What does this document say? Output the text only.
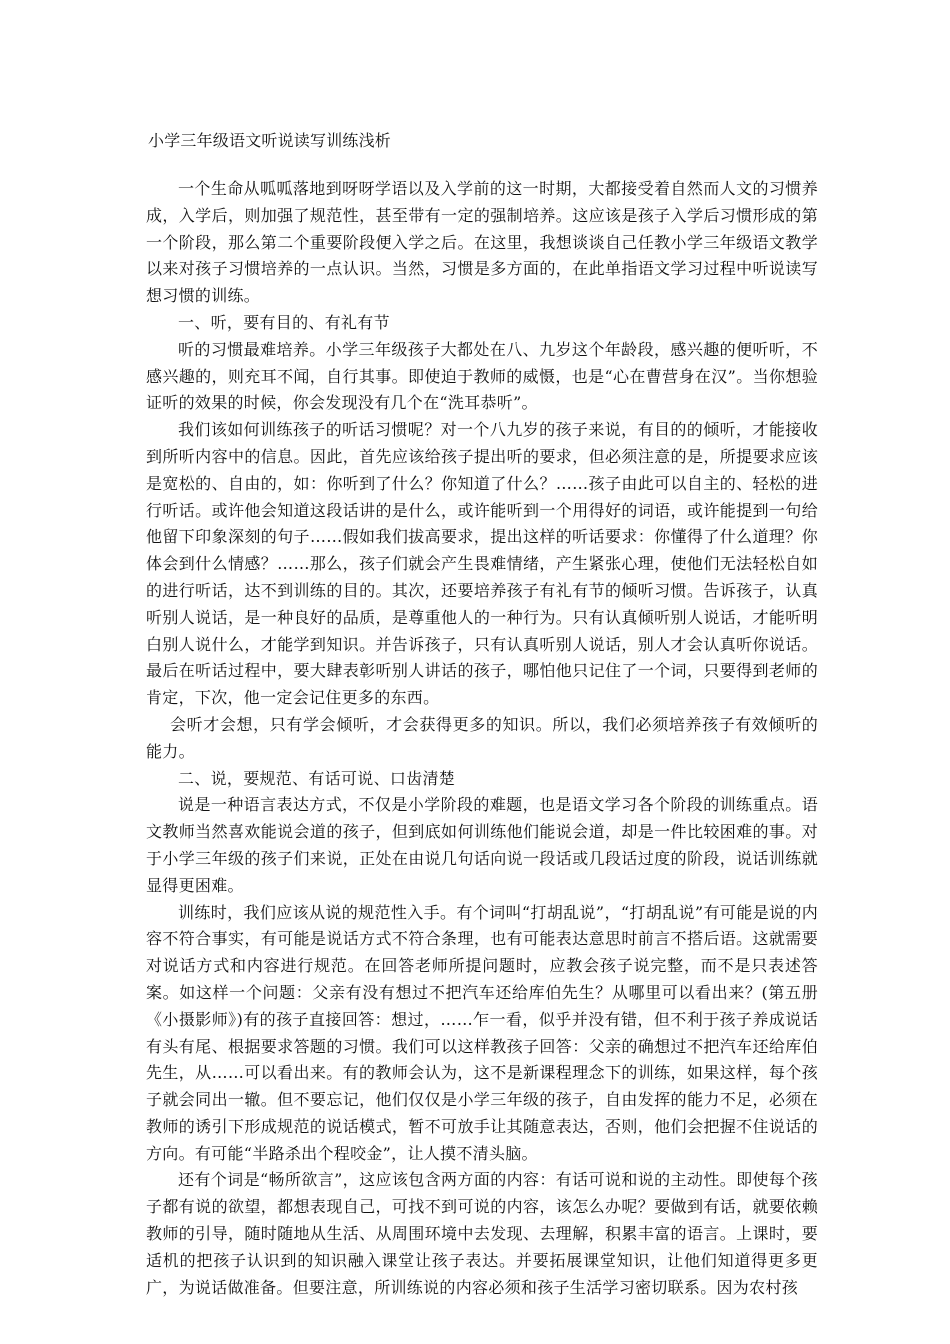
小学三年级语文听说读写训练浅析

一个生命从呱呱落地到呀呀学语以及入学前的这一时期，大都接受着自然而人文的习惯养成，入学后，则加强了规范性，甚至带有一定的强制培养。这应该是孩子入学后习惯形成的第一个阶段，那么第二个重要阶段便入学之后。在这里，我想谈谈自己任教小学三年级语文教学以来对孩子习惯培养的一点认识。当然，习惯是多方面的，在此单指语文学习过程中听说读写想习惯的训练。

一、听，要有目的、有礼有节

听的习惯最难培养。小学三年级孩子大都处在八、九岁这个年龄段，感兴趣的便听听，不感兴趣的，则充耳不闻，自行其事。即使迫于教师的威慑，也是“心在曹营身在汉”。当你想验证听的效果的时候，你会发现没有几个在“洗耳恭听”。

我们该如何训练孩子的听话习惯呢？对一个八九岁的孩子来说，有目的的倾听，才能接收到所听内容中的信息。因此，首先应该给孩子提出听的要求，但必须注意的是，所提要求应该是宽松的、自由的，如：你听到了什么？你知道了什么？……孩子由此可以自主的、轻松的进行听话。或许他会知道这段话讲的是什么，或许能听到一个用得好的词语，或许能提到一句给他留下印象深刻的句子……假如我们拔高要求，提出这样的听话要求：你懂得了什么道理？你体会到什么情感？……那么，孩子们就会产生畏难情绪，产生紧张心理，使他们无法轻松自如的进行听话，达不到训练的目的。其次，还要培养孩子有礼有节的倾听习惯。告诉孩子，认真听别人说话，是一种良好的品质，是尊重他人的一种行为。只有认真倾听别人说话，才能听明白别人说什么，才能学到知识。并告诉孩子，只有认真听别人说话，别人才会认真听你说话。最后在听话过程中，要大肆表彰听别人讲话的孩子，哪怕他只记住了一个词，只要得到老师的肯定，下次，他一定会记住更多的东西。

会听才会想，只有学会倾听，才会获得更多的知识。所以，我们必须培养孩子有效倾听的能力。

二、说，要规范、有话可说、口齿清楚

说是一种语言表达方式，不仅是小学阶段的难题，也是语文学习各个阶段的训练重点。语文教师当然喜欢能说会道的孩子，但到底如何训练他们能说会道，却是一件比较困难的事。对于小学三年级的孩子们来说，正处在由说几句话向说一段话或几段话过度的阶段，说话训练就显得更困难。

训练时，我们应该从说的规范性入手。有个词叫“打胡乱说”，“打胡乱说”有可能是说的内容不符合事实，有可能是说话方式不符合条理，也有可能表达意思时前言不搭后语。这就需要对说话方式和内容进行规范。在回答老师所提问题时，应教会孩子说完整，而不是只表述答案。如这样一个问题：父亲有没有想过不把汽车还给库伯先生？从哪里可以看出来？(第五册《小摄影师》)有的孩子直接回答：想过，……乍一看，似乎并没有错，但不利于孩子养成说话有头有尾、根据要求答题的习惯。我们可以这样教孩子回答：父亲的确想过不把汽车还给库伯先生，从……可以看出来。有的教师会认为，这不是新课程理念下的训练，如果这样，每个孩子就会同出一辙。但不要忘记，他们仅仅是小学三年级的孩子，自由发挥的能力不足，必须在教师的诱引下形成规范的说话模式，暂不可放手让其随意表达，否则，他们会把握不住说话的方向。有可能“半路杀出个程咬金”，让人摸不清头脑。

还有个词是“畅所欲言”，这应该包含两方面的内容：有话可说和说的主动性。即使每个孩子都有说的欲望，都想表现自己，可找不到可说的内容，该怎么办呢？要做到有话，就要依赖教师的引导，随时随地从生活、从周围环境中去发现、去理解，积累丰富的语言。上课时，要适机的把孩子认识到的知识融入课堂让孩子表达。并要拓展课堂知识，让他们知道得更多更广，为说话做准备。但要注意，所训练说的内容必须和孩子生活学习密切联系。因为农村孩
